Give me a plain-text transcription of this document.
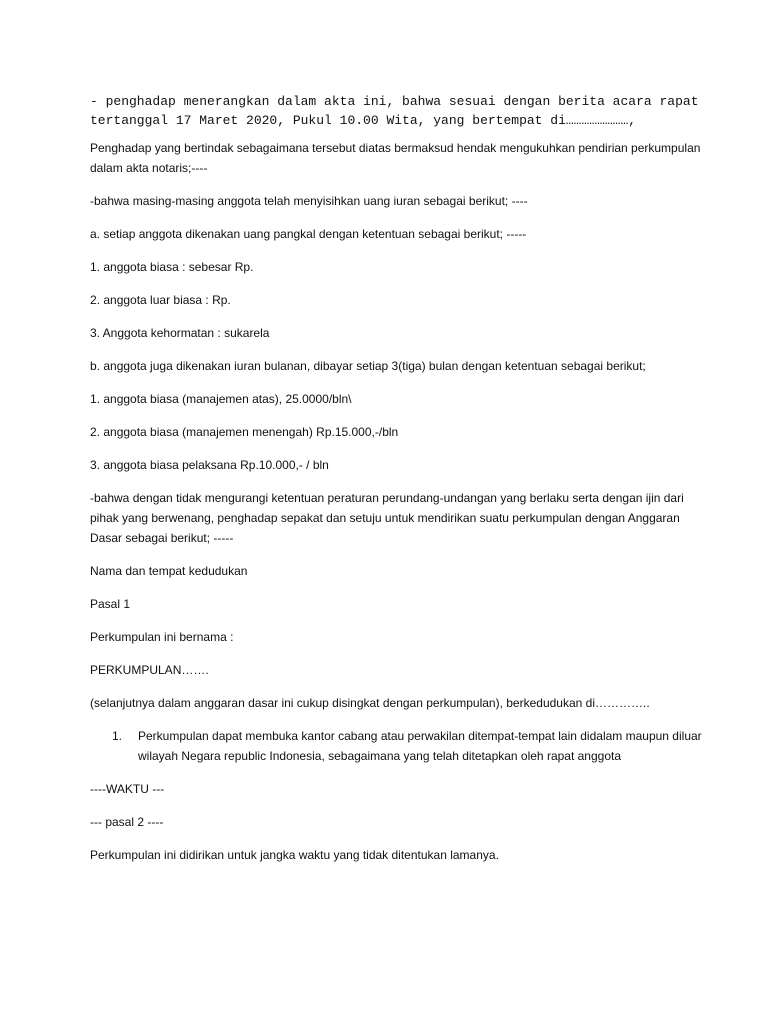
- penghadap menerangkan dalam akta ini, bahwa sesuai dengan berita acara rapat tertanggal 17 Maret 2020, Pukul 10.00 Wita, yang bertempat di……………………,

Penghadap yang bertindak sebagaimana tersebut diatas bermaksud hendak mengukuhkan pendirian perkumpulan dalam akta notaris;----

-bahwa masing-masing anggota telah menyisihkan uang iuran sebagai berikut; ----

a. setiap anggota dikenakan uang pangkal dengan ketentuan sebagai berikut; -----

1. anggota biasa : sebesar Rp.

2. anggota luar biasa : Rp.

3. Anggota kehormatan : sukarela

b. anggota juga dikenakan iuran bulanan, dibayar setiap 3(tiga) bulan dengan ketentuan sebagai berikut;

1. anggota biasa (manajemen atas), 25.0000/bln\

2. anggota biasa (manajemen menengah) Rp.15.000,-/bln

3. anggota biasa pelaksana Rp.10.000,- / bln

-bahwa dengan tidak mengurangi ketentuan peraturan perundang-undangan yang berlaku serta dengan ijin dari pihak yang berwenang, penghadap sepakat dan setuju untuk mendirikan suatu perkumpulan dengan Anggaran Dasar sebagai berikut; -----

Nama dan tempat kedudukan

Pasal 1

Perkumpulan ini bernama :

PERKUMPULAN…….

(selanjutnya dalam anggaran dasar ini cukup disingkat dengan perkumpulan), berkedudukan di…………..

1. Perkumpulan dapat membuka kantor cabang atau perwakilan ditempat-tempat lain didalam maupun diluar wilayah Negara republic Indonesia, sebagaimana yang telah ditetapkan oleh rapat anggota

----WAKTU ---

--- pasal 2 ----

Perkumpulan ini didirikan untuk jangka waktu yang tidak ditentukan lamanya.
